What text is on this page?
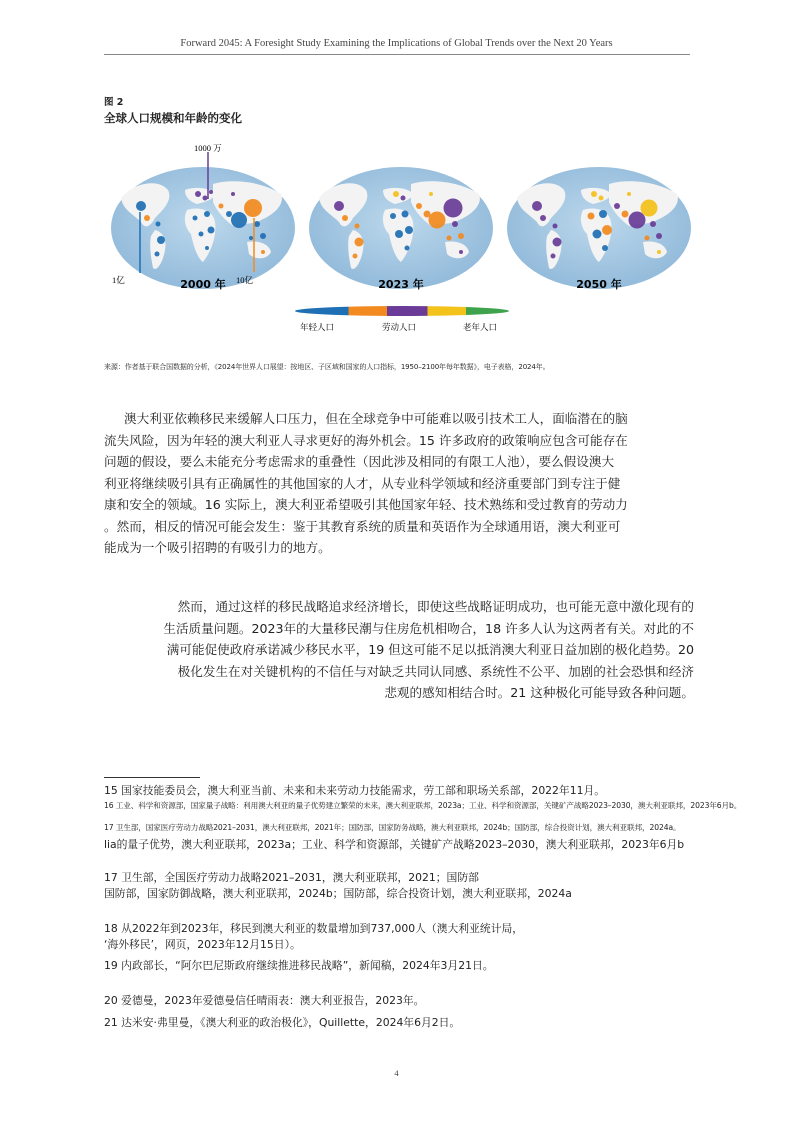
Forward 2045: A Foresight Study Examining the Implications of Global Trends over the Next 20 Years
图 2
全球人口规模和年龄的变化
1000 万
1亿	10亿
2000 年	2023 年	2050 年
年轻人口	劳动人口	老年人口
来源：作者基于联合国数据的分析，《2024年世界人口展望：按地区、子区域和国家的人口指标，1950–2100年每年数据》，电子表格，2024年。
澳大利亚依赖移民来缓解人口压力，但在全球竞争中可能难以吸引技术工人，面临潜在的脑
流失风险，因为年轻的澳大利亚人寻求更好的海外机会。15 许多政府的政策响应包含可能存在
问题的假设，要么未能充分考虑需求的重叠性（因此涉及相同的有限工人池），要么假设澳大
利亚将继续吸引具有正确属性的其他国家的人才，从专业科学领域和经济重要部门到专注于健
康和安全的领域。16 实际上，澳大利亚希望吸引其他国家年轻、技术熟练和受过教育的劳动力
。然而，相反的情况可能会发生：鉴于其教育系统的质量和英语作为全球通用语，澳大利亚可
能成为一个吸引招聘的有吸引力的地方。
然而，通过这样的移民战略追求经济增长，即使这些战略证明成功，也可能无意中激化现有的
生活质量问题。2023年的大量移民潮与住房危机相吻合，18 许多人认为这两者有关。对此的不
满可能促使政府承诺减少移民水平，19 但这可能不足以抵消澳大利亚日益加剧的极化趋势。20
极化发生在对关键机构的不信任与对缺乏共同认同感、系统性不公平、加剧的社会恐惧和经济
悲观的感知相结合时。21 这种极化可能导致各种问题。
15 国家技能委员会，澳大利亚当前、未来和未来劳动力技能需求，劳工部和职场关系部，2022年11月。
16 工业、科学和资源部，国家量子战略：利用澳大利亚的量子优势建立繁荣的未来，澳大利亚联邦，2023a；工业、科学和资源部，关键矿产战略2023–2030，澳大利亚联邦，2023年6月b。
17 卫生部，国家医疗劳动力战略2021–2031，澳大利亚联邦，2021年；国防部，国家防务战略，澳大利亚联邦，2024b；国防部，综合投资计划，澳大利亚联邦，2024a。
lia的量子优势，澳大利亚联邦，2023a；工业、科学和资源部，关键矿产战略2023–2030，澳大利亚联邦，2023年6月b
17 卫生部，全国医疗劳动力战略2021–2031，澳大利亚联邦，2021；国防部
国防部，国家防御战略，澳大利亚联邦，2024b；国防部，综合投资计划，澳大利亚联邦，2024a
18 从2022年到2023年，移民到澳大利亚的数量增加到737,000人（澳大利亚统计局，
‘海外移民’，网页，2023年12月15日）。
19 内政部长，“阿尔巴尼斯政府继续推进移民战略”，新闻稿，2024年3月21日。
20 爱德曼，2023年爱德曼信任晴雨表：澳大利亚报告，2023年。
21 达米安·弗里曼，《澳大利亚的政治极化》，Quillette，2024年6月2日。
4
